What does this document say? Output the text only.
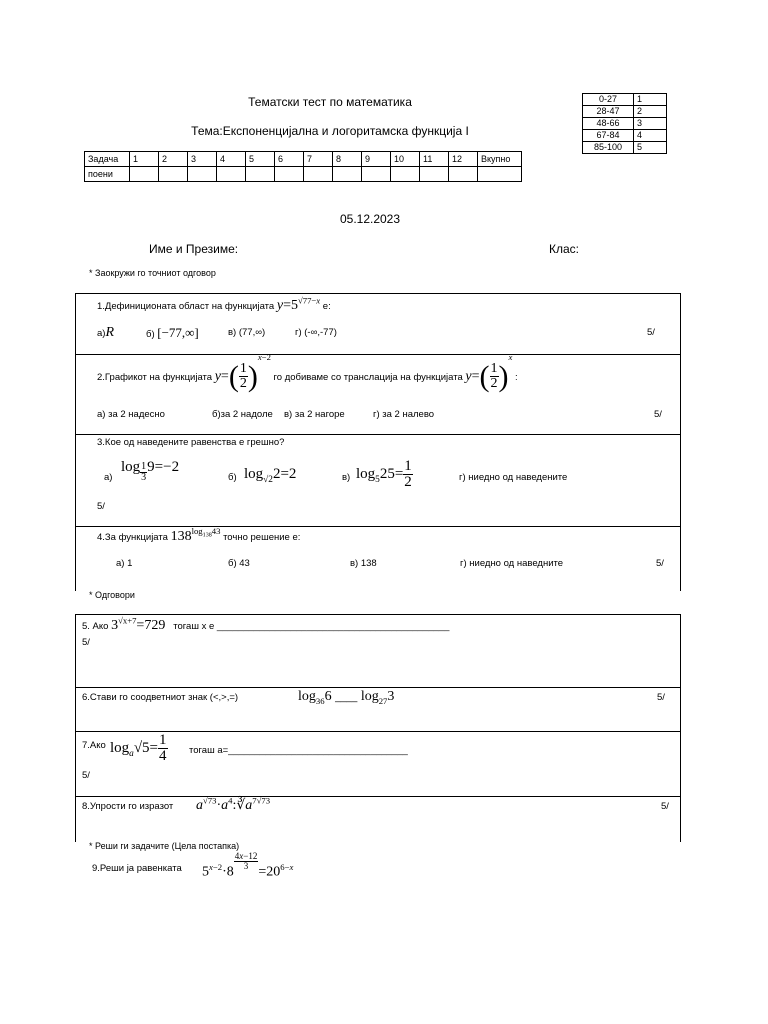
Тематски тест по математика
Тема:Експоненцијална и логоритамска функција I
0-27	1
28-47	2
48-66	3
67-84	4
85-100	5
Задача	1	2	3	4	5	6	7	8	9	10	11	12	Вкупно
поени													
05.12.2023
Име и Презиме:	Клас:
* Заокружи го точниот одговор
1.Дефиниционата област на функцијата $y=5^{√77-x}$ е:
а)R	б) [−77,∞]	в) (77,∞)	г) (-∞,-77)	5/
2.Графикот на функцијата $y=( \frac{1}{2} )^{x-2}$ го добиваме со транслација на функцијата $y=( \frac{1}{2} )^x$ :
а) за 2 надесно	б)за 2 надоле в) за 2 нагоре	г) за 2 налево	5/
3.Кое од наведените равенства е грешно?
а)
log $_{\frac{1}{3}}$ 9=−2
б) $\log_{√2}2=2$	в) $\log_525= \frac{1}{2}$	г) ниедно од наведените
5/
4.За функцијата $138^{log_{138}43}$ точно решение е:
а) 1	б) 43	в) 138	г) ниедно од наведните	5/
* Одговори
5. Ако $3^{√x+7}=729$ тогаш x е ____________________________________________
5/
6.Стави го соодветниот знак (<,>,=)	$\log_{36}6$ ____ $\log_{27}3$	5/
7.Ако $\log_a√5= \frac{1}{4}$ тогаш а=__________________________________
5/
8.Упрости го изразот $a^{√73}\cdot a^4:∛a^{7√73}$
5/
* Реши ги задачите (Цела постапка)
9.Реши ја равенката $5^{x-2}\cdot 8$
$^{\frac{4x-12}{3}}$
$=20^{6-x}$
